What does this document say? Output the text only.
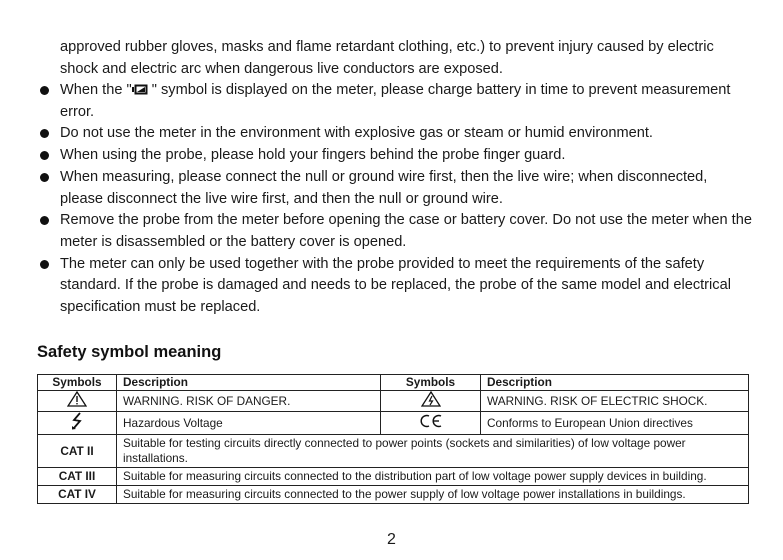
approved rubber gloves, masks and flame retardant clothing, etc.) to prevent injury caused by electric shock and electric arc when dangerous live conductors are exposed.
When the " " symbol is displayed on the meter, please charge battery in time to prevent measurement error.
Do not use the meter in the environment with explosive gas or steam or humid environment.
When using the probe, please hold your fingers behind the probe finger guard.
When measuring, please connect the null or ground wire first, then the live wire; when disconnected, please disconnect the live wire first, and then the null or ground wire.
Remove the probe from the meter before opening the case or battery cover. Do not use the meter when the meter is disassembled or the battery cover is opened.
The meter can only be used together with the probe provided to meet the requirements of the safety standard. If the probe is damaged and needs to be replaced, the probe of the same model and electrical specification must be replaced.
Safety symbol meaning
Symbols	Description	Symbols	Description
	WARNING. RISK OF DANGER.		WARNING. RISK OF ELECTRIC SHOCK.
	Hazardous Voltage		Conforms to European Union directives
CAT II	Suitable for testing circuits directly connected to power points (sockets and similarities) of low voltage power installations.		
CAT III	Suitable for measuring circuits connected to the distribution part of low voltage power supply devices in building.		
CAT IV	Suitable for measuring circuits connected to the power supply of low voltage power installations in buildings.		
2
